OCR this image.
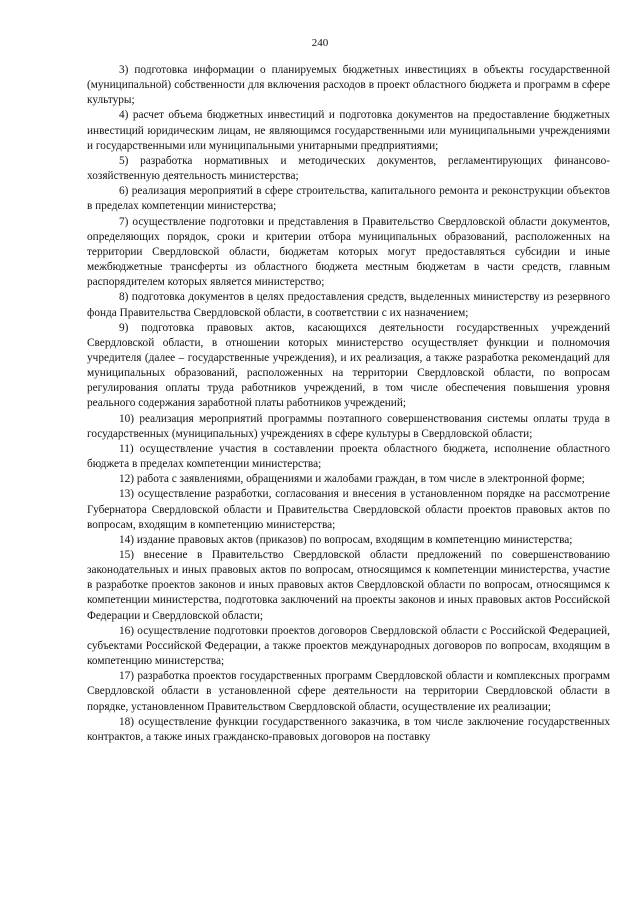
240

3) подготовка информации о планируемых бюджетных инвестициях в объекты государственной (муниципальной) собственности для включения расходов в проект областного бюджета и программ в сфере культуры;

4) расчет объема бюджетных инвестиций и подготовка документов на предоставление бюджетных инвестиций юридическим лицам, не являющимся государственными или муниципальными учреждениями и государственными или муниципальными унитарными предприятиями;

5) разработка нормативных и методических документов, регламентирующих финансово-хозяйственную деятельность министерства;

6) реализация мероприятий в сфере строительства, капитального ремонта и реконструкции объектов в пределах компетенции министерства;

7) осуществление подготовки и представления в Правительство Свердловской области документов, определяющих порядок, сроки и критерии отбора муниципальных образований, расположенных на территории Свердловской области, бюджетам которых могут предоставляться субсидии и иные межбюджетные трансферты из областного бюджета местным бюджетам в части средств, главным распорядителем которых является министерство;

8) подготовка документов в целях предоставления средств, выделенных министерству из резервного фонда Правительства Свердловской области, в соответствии с их назначением;

9) подготовка правовых актов, касающихся деятельности государственных учреждений Свердловской области, в отношении которых министерство осуществляет функции и полномочия учредителя (далее – государственные учреждения), и их реализация, а также разработка рекомендаций для муниципальных образований, расположенных на территории Свердловской области, по вопросам регулирования оплаты труда работников учреждений, в том числе обеспечения повышения уровня реального содержания заработной платы работников учреждений;

10) реализация мероприятий программы поэтапного совершенствования системы оплаты труда в государственных (муниципальных) учреждениях в сфере культуры в Свердловской области;

11) осуществление участия в составлении проекта областного бюджета, исполнение областного бюджета в пределах компетенции министерства;

12) работа с заявлениями, обращениями и жалобами граждан, в том числе в электронной форме;

13) осуществление разработки, согласования и внесения в установленном порядке на рассмотрение Губернатора Свердловской области и Правительства Свердловской области проектов правовых актов по вопросам, входящим в компетенцию министерства;

14) издание правовых актов (приказов) по вопросам, входящим в компетенцию министерства;

15) внесение в Правительство Свердловской области предложений по совершенствованию законодательных и иных правовых актов по вопросам, относящимся к компетенции министерства, участие в разработке проектов законов и иных правовых актов Свердловской области по вопросам, относящимся к компетенции министерства, подготовка заключений на проекты законов и иных правовых актов Российской Федерации и Свердловской области;

16) осуществление подготовки проектов договоров Свердловской области с Российской Федерацией, субъектами Российской Федерации, а также проектов международных договоров по вопросам, входящим в компетенцию министерства;

17) разработка проектов государственных программ Свердловской области и комплексных программ Свердловской области в установленной сфере деятельности на территории Свердловской области в порядке, установленном Правительством Свердловской области, осуществление их реализации;

18) осуществление функции государственного заказчика, в том числе заключение государственных контрактов, а также иных гражданско-правовых договоров на поставку
